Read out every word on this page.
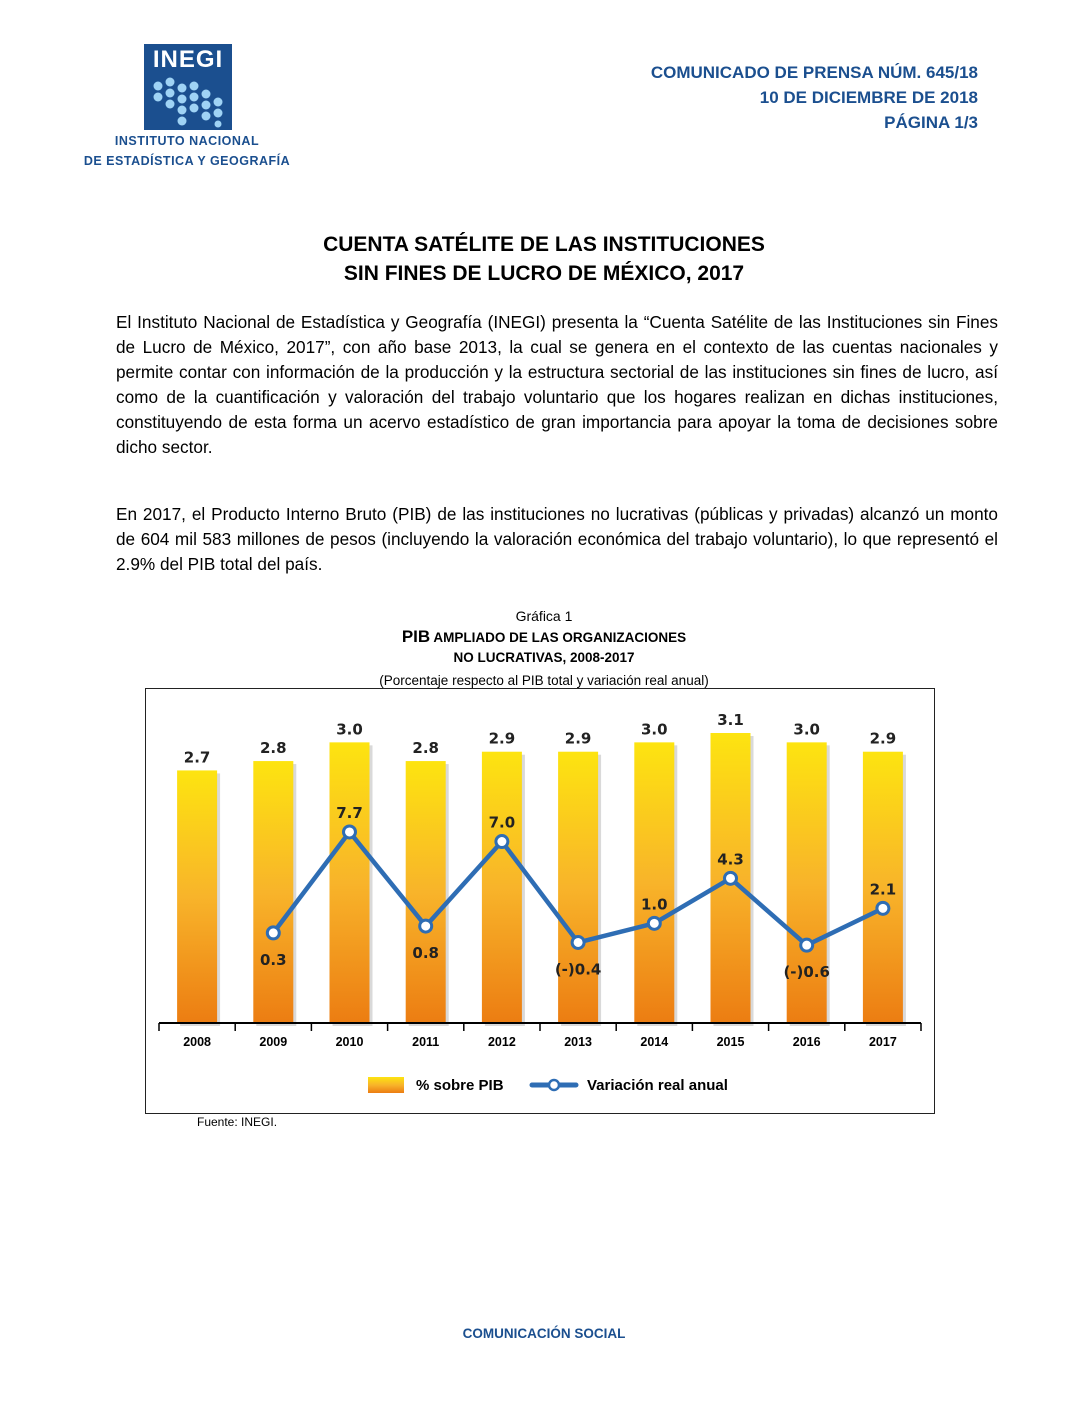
INEGI
INSTITUTO NACIONAL
DE ESTADÍSTICA Y GEOGRAFÍA
COMUNICADO DE PRENSA NÚM. 645/18
10 DE DICIEMBRE DE 2018
PÁGINA 1/3
CUENTA SATÉLITE DE LAS INSTITUCIONES
SIN FINES DE LUCRO DE MÉXICO, 2017

El Instituto Nacional de Estadística y Geografía (INEGI) presenta la “Cuenta Satélite de las Instituciones sin Fines de Lucro de México, 2017”, con año base 2013, la cual se genera en el contexto de las cuentas nacionales y permite contar con información de la producción y la estructura sectorial de las instituciones sin fines de lucro, así como de la cuantificación y valoración del trabajo voluntario que los hogares realizan en dichas instituciones, constituyendo de esta forma un acervo estadístico de gran importancia para apoyar la toma de decisiones sobre dicho sector.

En 2017, el Producto Interno Bruto (PIB) de las instituciones no lucrativas (públicas y privadas) alcanzó un monto de 604 mil 583 millones de pesos (incluyendo la valoración económica del trabajo voluntario), lo que representó el 2.9% del PIB total del país.

Gráfica 1
PIB AMPLIADO DE LAS ORGANIZACIONES
NO LUCRATIVAS, 2008-2017
(Porcentaje respecto al PIB total y variación real anual)
2.7
2.8
3.0
2.8
2.9	2.9
3.0
3.1
3.0
2.9
2008	2009	2010	2011	2012	2013	2014	2015	2016	2017
0.3
7.7
0.8
7.0
(-)0.4
1.0
4.3
(-)0.6
2.1
% sobre PIB	Variación real anual
Fuente: INEGI.
COMUNICACIÓN SOCIAL
